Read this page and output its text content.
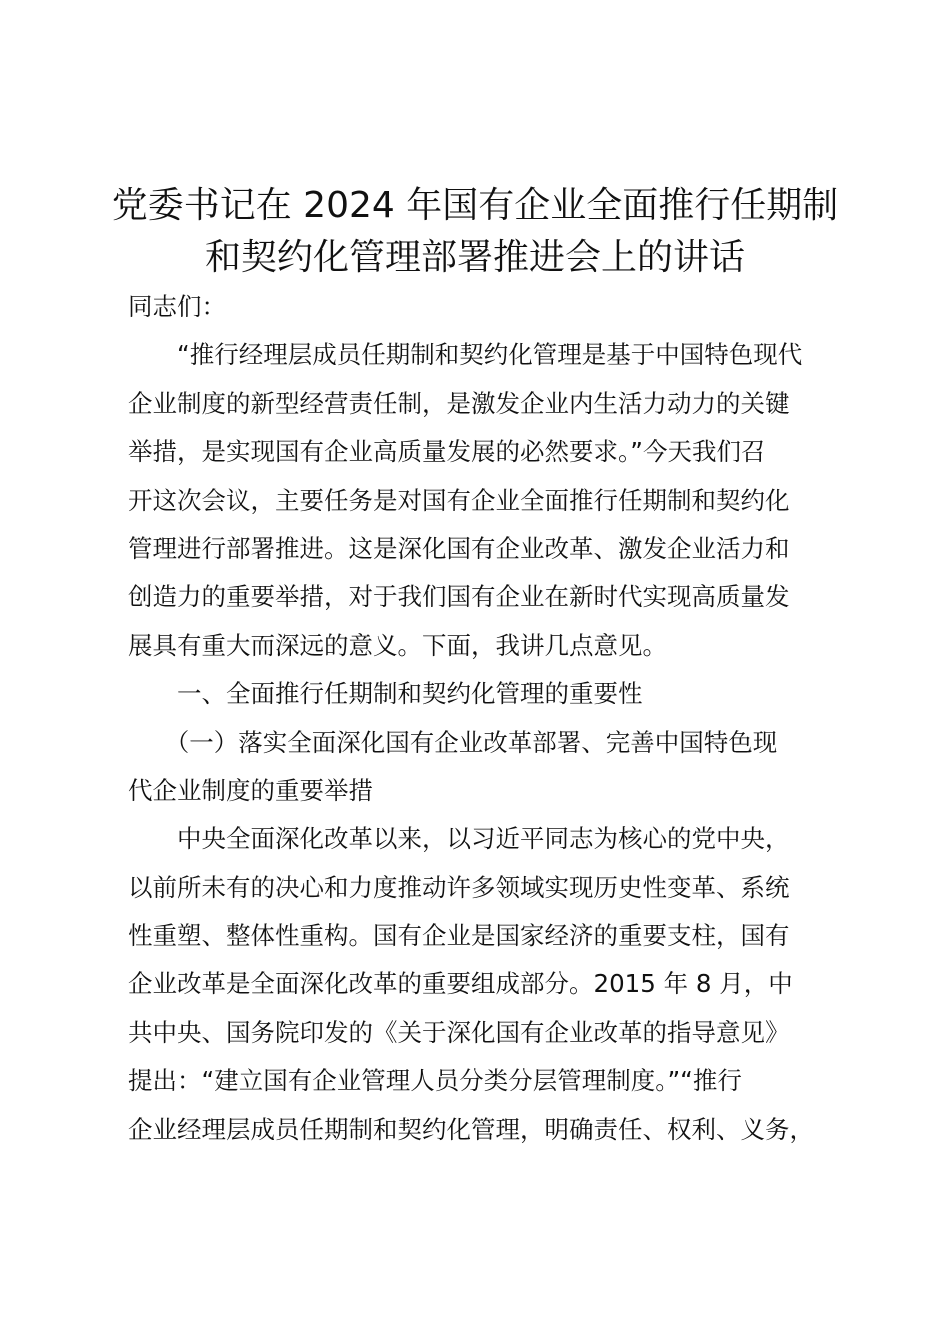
党委书记在 2024 年国有企业全面推行任期制
和契约化管理部署推进会上的讲话
同志们：
　　“推行经理层成员任期制和契约化管理是基于中国特色现代
企业制度的新型经营责任制，是激发企业内生活力动力的关键
举措，是实现国有企业高质量发展的必然要求。”今天我们召
开这次会议，主要任务是对国有企业全面推行任期制和契约化
管理进行部署推进。这是深化国有企业改革、激发企业活力和
创造力的重要举措，对于我们国有企业在新时代实现高质量发
展具有重大而深远的意义。下面，我讲几点意见。
　　一、全面推行任期制和契约化管理的重要性
　　（一）落实全面深化国有企业改革部署、完善中国特色现
代企业制度的重要举措
　　中央全面深化改革以来，以习近平同志为核心的党中央，
以前所未有的决心和力度推动许多领域实现历史性变革、系统
性重塑、整体性重构。国有企业是国家经济的重要支柱，国有
企业改革是全面深化改革的重要组成部分。2015 年 8 月，中
共中央、国务院印发的《关于深化国有企业改革的指导意见》
提出：“建立国有企业管理人员分类分层管理制度。”“推行
企业经理层成员任期制和契约化管理，明确责任、权利、义务，
